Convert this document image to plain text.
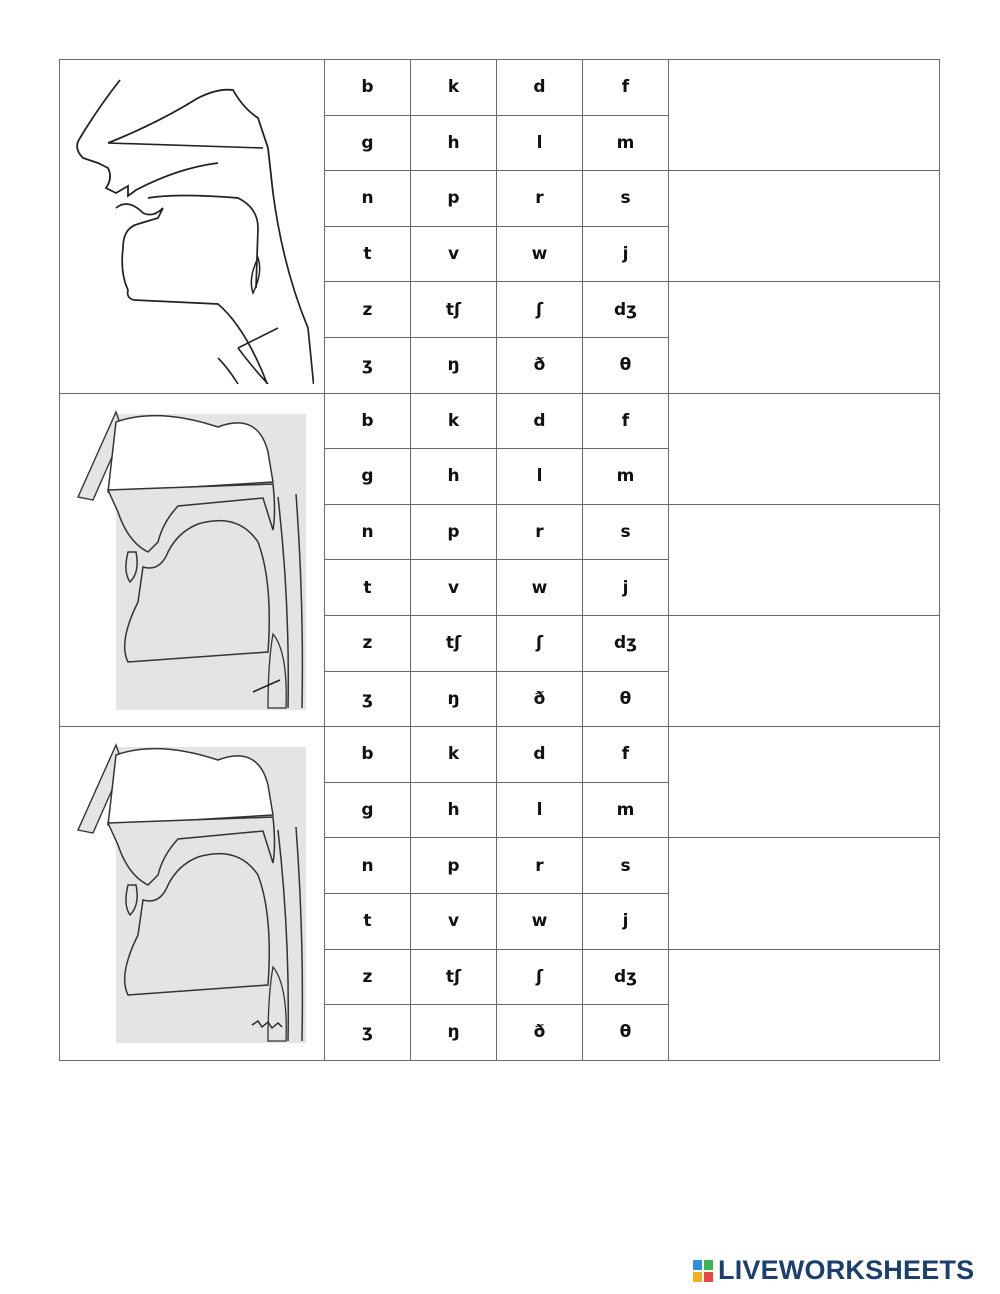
	b	k	d	f	
	g	h	l	m	
	n	p	r	s	
	t	v	w	j	
	z	tʃ	ʃ	dʒ	
	ʒ	ŋ	ð	θ	

	b	k	d	f	
	g	h	l	m	
	n	p	r	s	
	t	v	w	j	
	z	tʃ	ʃ	dʒ	
	ʒ	ŋ	ð	θ	

	b	k	d	f	
	g	h	l	m	
	n	p	r	s	
	t	v	w	j	
	z	tʃ	ʃ	dʒ	
	ʒ	ŋ	ð	θ	
LIVEWORKSHEETS
